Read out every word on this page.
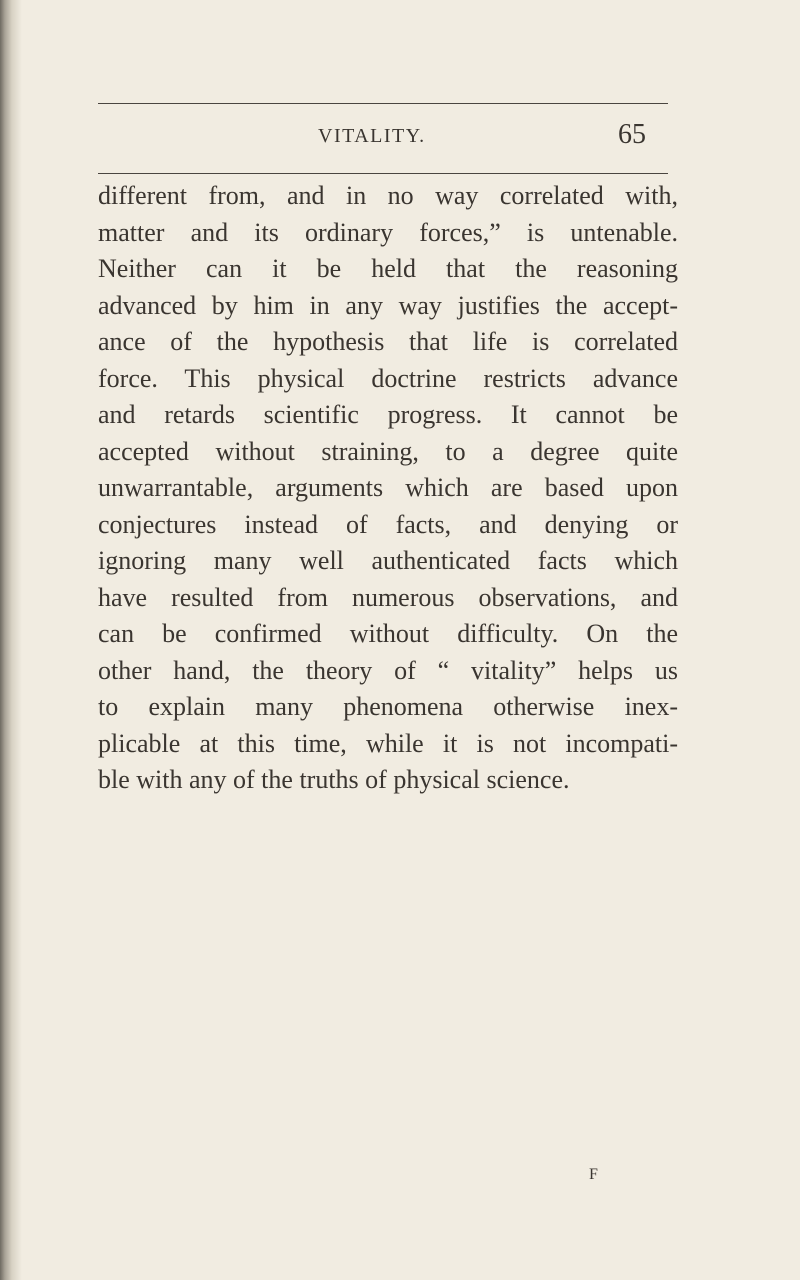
VITALITY.	65
different from, and in no way correlated with,
matter and its ordinary forces,” is untenable.
Neither can it be held that the reasoning
advanced by him in any way justifies the accept-
ance of the hypothesis that life is correlated
force. This physical doctrine restricts advance
and retards scientific progress. It cannot be
accepted without straining, to a degree quite
unwarrantable, arguments which are based upon
conjectures instead of facts, and denying or
ignoring many well authenticated facts which
have resulted from numerous observations, and
can be confirmed without difficulty. On the
other hand, the theory of “ vitality” helps us
to explain many phenomena otherwise inex-
plicable at this time, while it is not incompati-
ble with any of the truths of physical science.
F
